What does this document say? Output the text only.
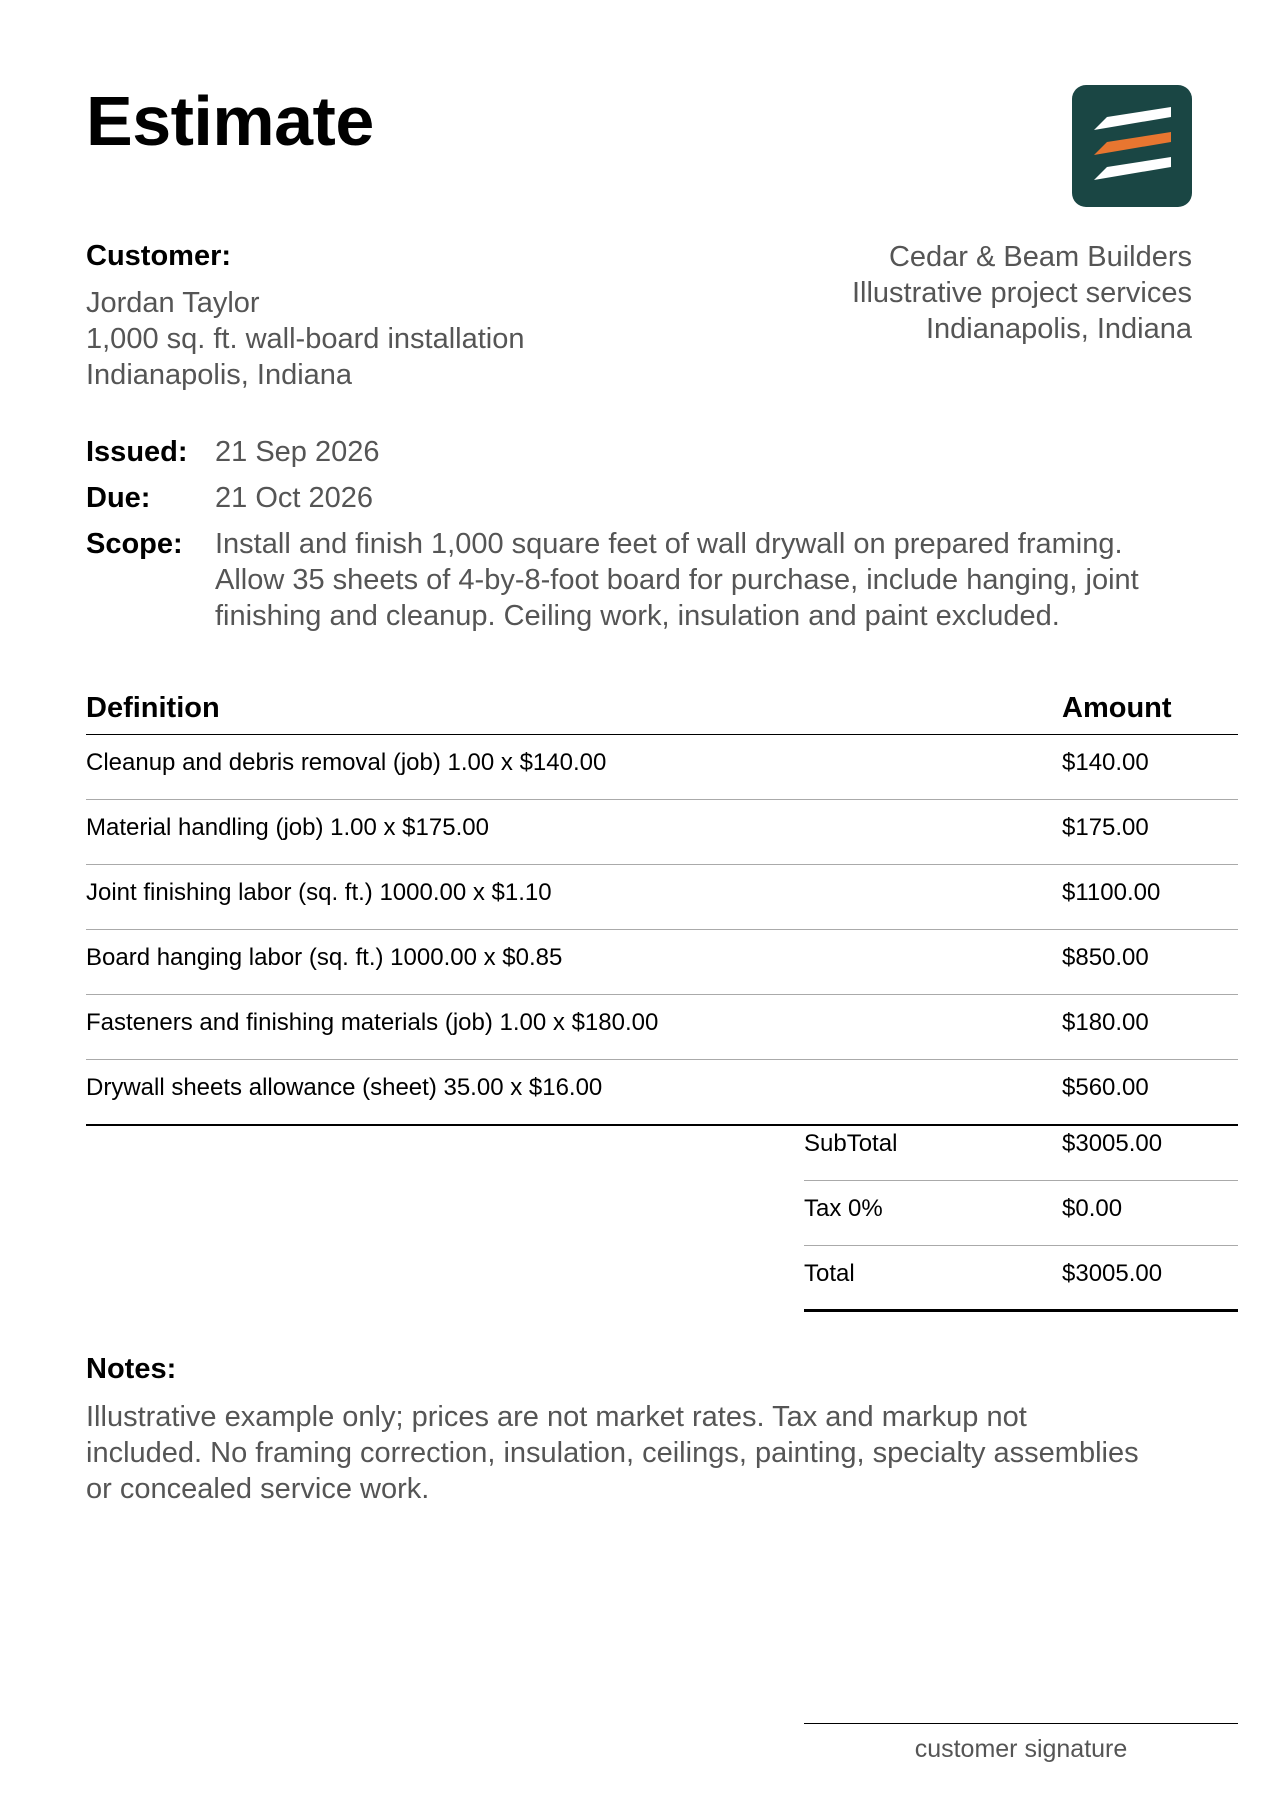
Estimate
Customer:
Jordan Taylor
1,000 sq. ft. wall-board installation
Indianapolis, Indiana
Cedar & Beam Builders
Illustrative project services
Indianapolis, Indiana
Issued: 21 Sep 2026
Due: 21 Oct 2026
Scope: Install and finish 1,000 square feet of wall drywall on prepared framing.
Allow 35 sheets of 4-by-8-foot board for purchase, include hanging, joint
finishing and cleanup. Ceiling work, insulation and paint excluded.
Definition	Amount
Cleanup and debris removal (job) 1.00 x $140.00	$140.00
Material handling (job) 1.00 x $175.00	$175.00
Joint finishing labor (sq. ft.) 1000.00 x $1.10	$1100.00
Board hanging labor (sq. ft.) 1000.00 x $0.85	$850.00
Fasteners and finishing materials (job) 1.00 x $180.00	$180.00
Drywall sheets allowance (sheet) 35.00 x $16.00	$560.00
SubTotal	$3005.00
Tax 0%	$0.00
Total	$3005.00
Notes:
Illustrative example only; prices are not market rates. Tax and markup not
included. No framing correction, insulation, ceilings, painting, specialty assemblies
or concealed service work.
customer signature
